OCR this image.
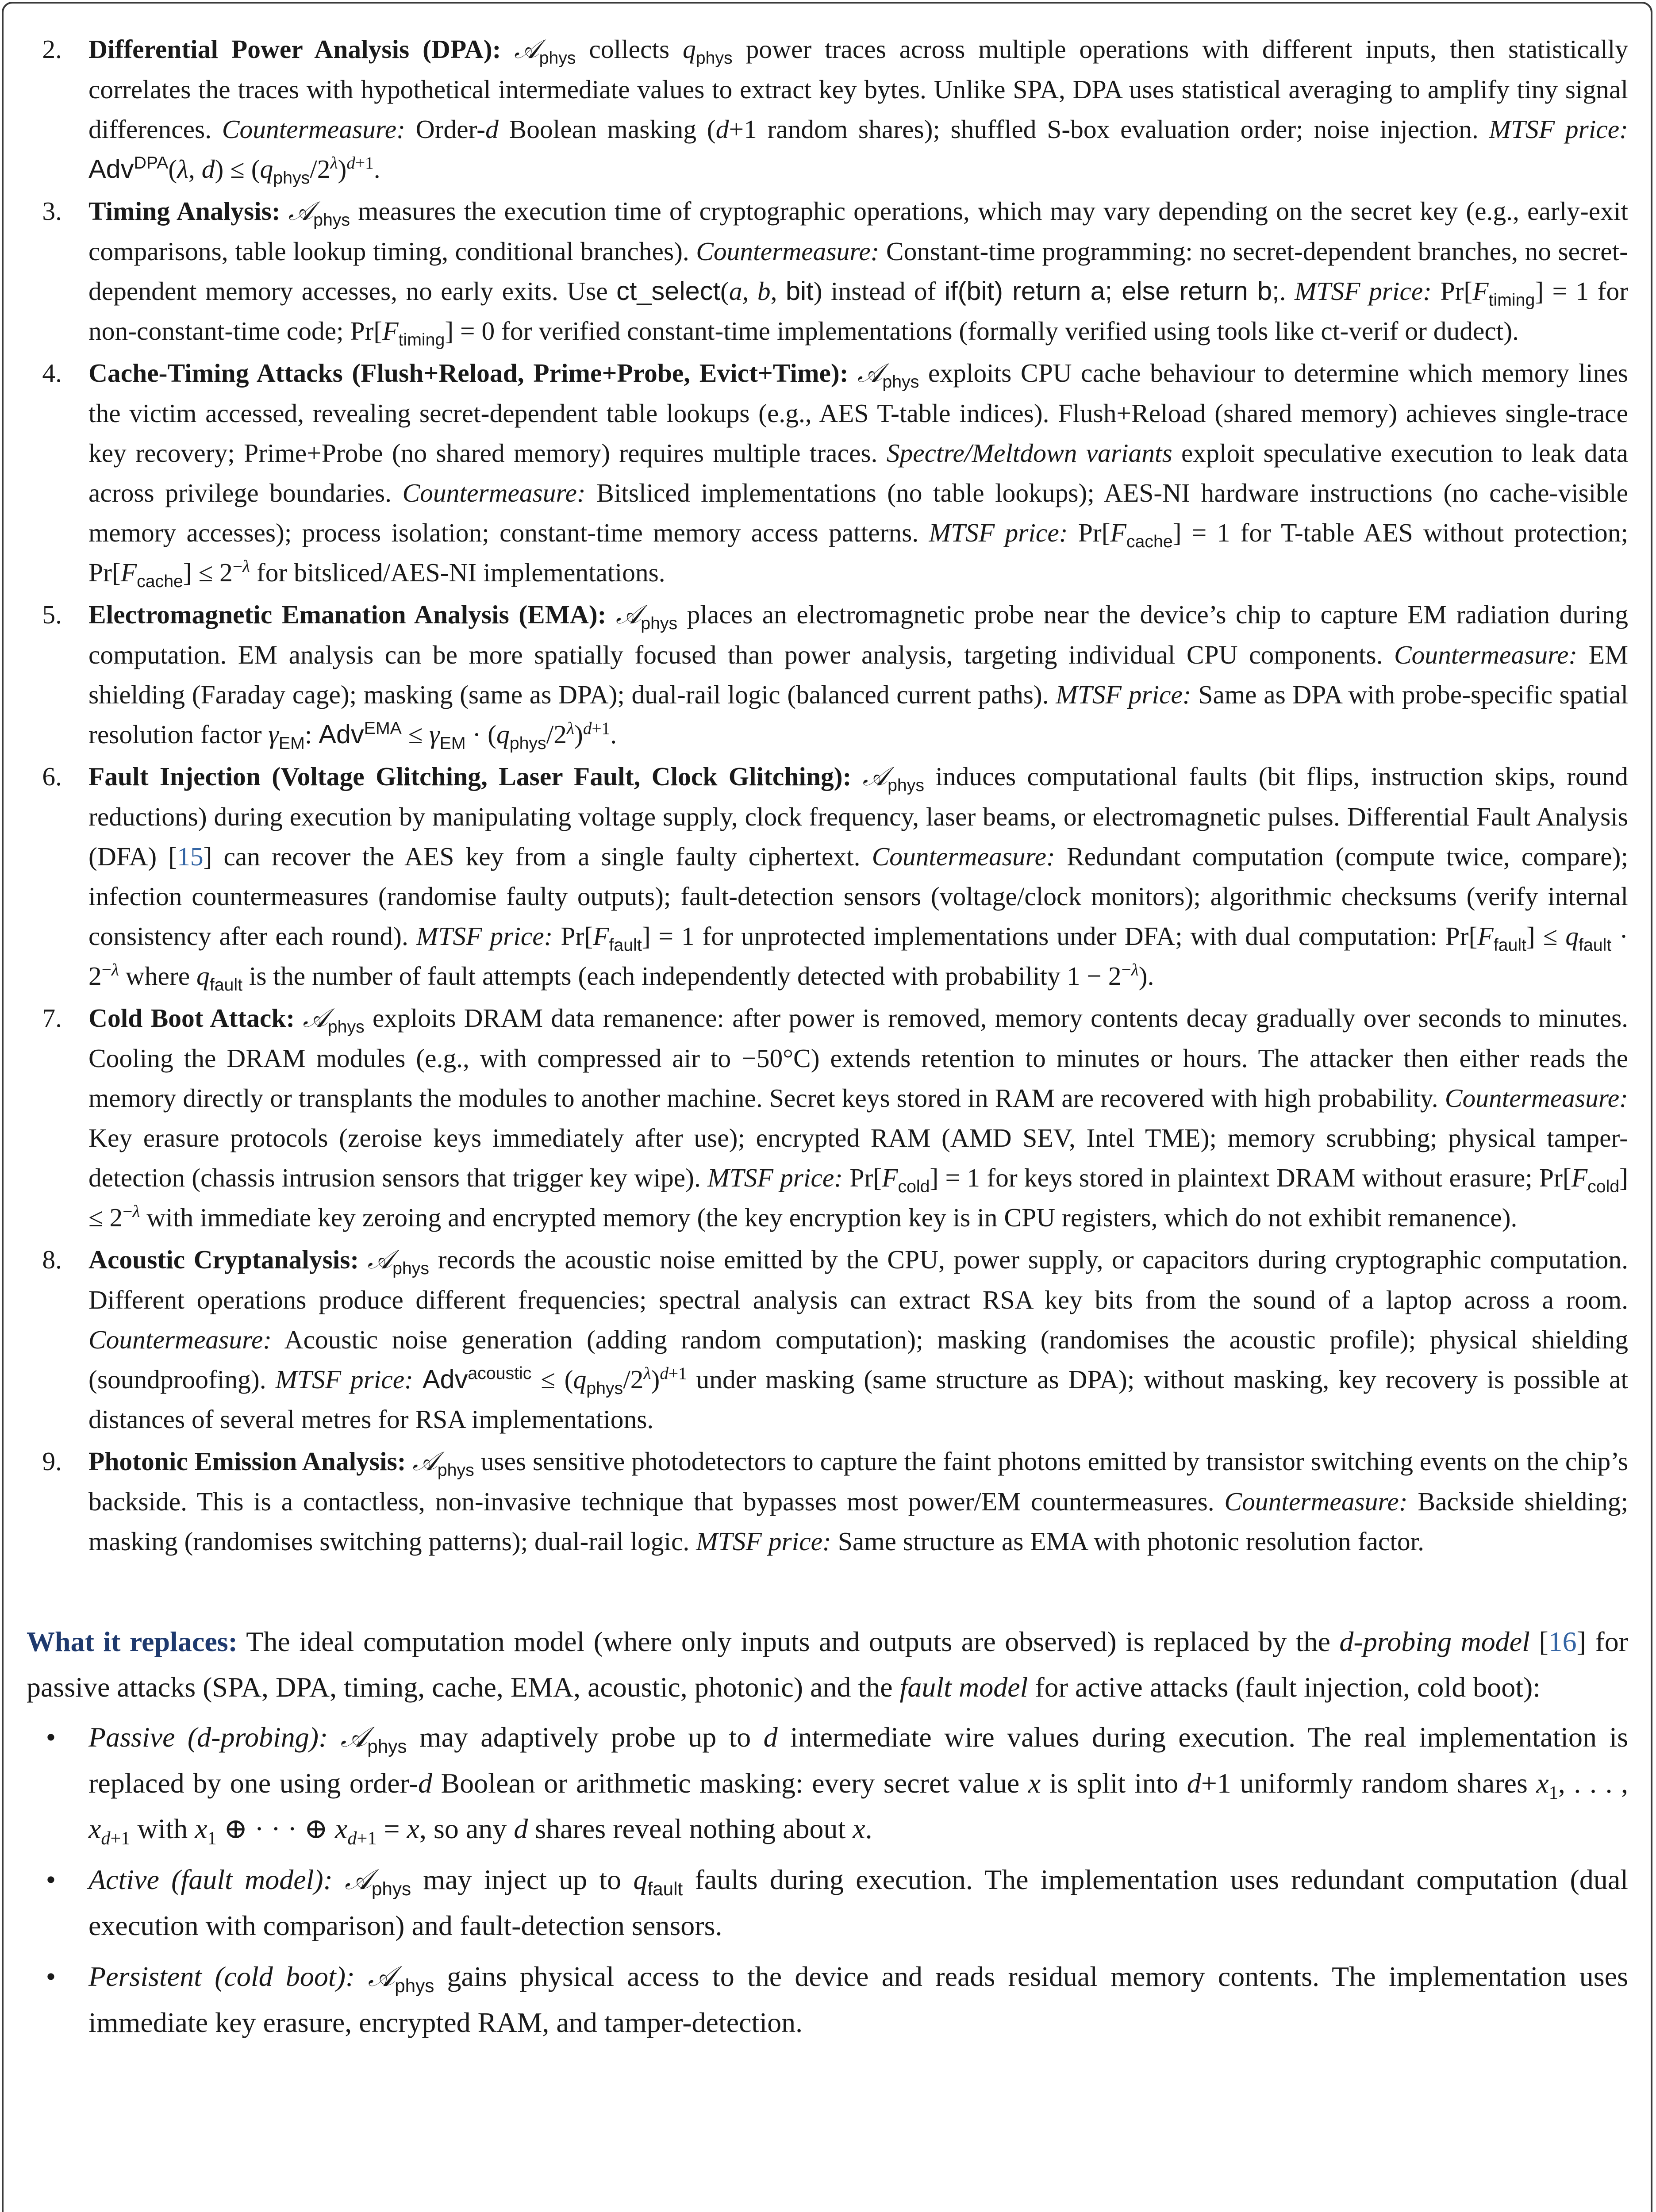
2.	Differential Power Analysis (DPA): 𝒜$_{phys}$ collects $q_{phys}$ power traces across multiple operations with different inputs, then statistically correlates the traces with hypothetical intermediate values to extract key bytes. Unlike SPA, DPA uses statistical averaging to amplify tiny signal differences. Countermeasure: Order-d Boolean masking (d+1 random shares); shuffled S-box evaluation order; noise injection. MTSF price: Adv$^{DPA}$(λ, $d) \le (q_{phys}/2^\lambda)^{d+1}$.
3.	Timing Analysis: 𝒜$_{phys}$ measures the execution time of cryptographic operations, which may vary depending on the secret key (e.g., early-exit comparisons, table lookup timing, conditional branches). Countermeasure: Constant-time programming: no secret-dependent branches, no secret-dependent memory accesses, no early exits. Use ct_select(a, b, bit) instead of if(bit) return a; else return b;. MTSF price: $Pr[F_{timing}] = 1$ for non-constant-time code; $Pr[F_{timing}] = 0$ for verified constant-time implementations (formally verified using tools like ct-verif or dudect).
4.	Cache-Timing Attacks (Flush+Reload, Prime+Probe, Evict+Time): 𝒜$_{phys}$ exploits CPU cache behaviour to determine which memory lines the victim accessed, revealing secret-dependent table lookups (e.g., AES T-table indices). Flush+Reload (shared memory) achieves single-trace key recovery; Prime+Probe (no shared memory) requires multiple traces. Spectre/Meltdown variants exploit speculative execution to leak data across privilege boundaries. Countermeasure: Bitsliced implementations (no table lookups); AES-NI hardware instructions (no cache-visible memory accesses); process isolation; constant-time memory access patterns. MTSF price: $Pr[F_{cache}] = 1$ for T-table AES without protection; $Pr[F_{cache}] \le 2^{-\lambda}$ for bitsliced/AES-NI implementations.
5.	Electromagnetic Emanation Analysis (EMA): 𝒜$_{phys}$ places an electromagnetic probe near the device’s chip to capture EM radiation during computation. EM analysis can be more spatially focused than power analysis, targeting individual CPU components. Countermeasure: EM shielding (Faraday cage); masking (same as DPA); dual-rail logic (balanced current paths). MTSF price: Same as DPA with probe-specific spatial resolution factor $\gamma_{EM}$: $Adv^{EMA} \le \gamma_{EM} \cdot (q_{phys}/2^\lambda)^{d+1}$.
6.	Fault Injection (Voltage Glitching, Laser Fault, Clock Glitching): 𝒜$_{phys}$ induces computational faults (bit flips, instruction skips, round reductions) during execution by manipulating voltage supply, clock frequency, laser beams, or electromagnetic pulses. Differential Fault Analysis (DFA) [15] can recover the AES key from a single faulty ciphertext. Countermeasure: Redundant computation (compute twice, compare); infection countermeasures (randomise faulty outputs); fault-detection sensors (voltage/clock monitors); algorithmic checksums (verify internal consistency after each round). MTSF price: $Pr[F_{fault}] = 1$ for unprotected implementations under DFA; with dual computation: $Pr[F_{fault}] \le q_{fault} \cdot 2^{-\lambda}$ where $q_{fault}$ is the number of fault attempts (each independently detected with probability $1 - 2^{-\lambda}$).
7.	Cold Boot Attack: 𝒜$_{phys}$ exploits DRAM data remanence: after power is removed, memory contents decay gradually over seconds to minutes. Cooling the DRAM modules (e.g., with compressed air to −50°C) extends retention to minutes or hours. The attacker then either reads the memory directly or transplants the modules to another machine. Secret keys stored in RAM are recovered with high probability. Countermeasure: Key erasure protocols (zeroise keys immediately after use); encrypted RAM (AMD SEV, Intel TME); memory scrubbing; physical tamper-detection (chassis intrusion sensors that trigger key wipe). MTSF price: $Pr[F_{cold}] = 1$ for keys stored in plaintext DRAM without erasure; $Pr[F_{cold}] \le 2^{-\lambda}$ with immediate key zeroing and encrypted memory (the key encryption key is in CPU registers, which do not exhibit remanence).
8.	Acoustic Cryptanalysis: 𝒜$_{phys}$ records the acoustic noise emitted by the CPU, power supply, or capacitors during cryptographic computation. Different operations produce different frequencies; spectral analysis can extract RSA key bits from the sound of a laptop across a room. Countermeasure: Acoustic noise generation (adding random computation); masking (randomises the acoustic profile); physical shielding (soundproofing). MTSF price: $Adv^{acoustic} \le (q_{phys}/2^\lambda)^{d+1}$ under masking (same structure as DPA); without masking, key recovery is possible at distances of several metres for RSA implementations.
9.	Photonic Emission Analysis: 𝒜$_{phys}$ uses sensitive photodetectors to capture the faint photons emitted by transistor switching events on the chip’s backside. This is a contactless, non-invasive technique that bypasses most power/EM countermeasures. Countermeasure: Backside shielding; masking (randomises switching patterns); dual-rail logic. MTSF price: Same structure as EMA with photonic resolution factor.
What it replaces: The ideal computation model (where only inputs and outputs are observed) is replaced by the d-probing model [16] for passive attacks (SPA, DPA, timing, cache, EMA, acoustic, photonic) and the fault model for active attacks (fault injection, cold boot):
•	Passive (d-probing): 𝒜$_{phys}$ may adaptively probe up to d intermediate wire values during execution. The real implementation is replaced by one using order-d Boolean or arithmetic masking: every secret value x is split into d+1 uniformly random shares $x_1$, . . . , $x_{d+1}$ with $x_1$ ⊕ · · · ⊕ $x_{d+1} = x$, so any d shares reveal nothing about x.
•	Active (fault model): 𝒜$_{phys}$ may inject up to $q_{fault}$ faults during execution. The implementation uses redundant computation (dual execution with comparison) and fault-detection sensors.
•	Persistent (cold boot): 𝒜$_{phys}$ gains physical access to the device and reads residual memory contents. The implementation uses immediate key erasure, encrypted RAM, and tamper-detection.
